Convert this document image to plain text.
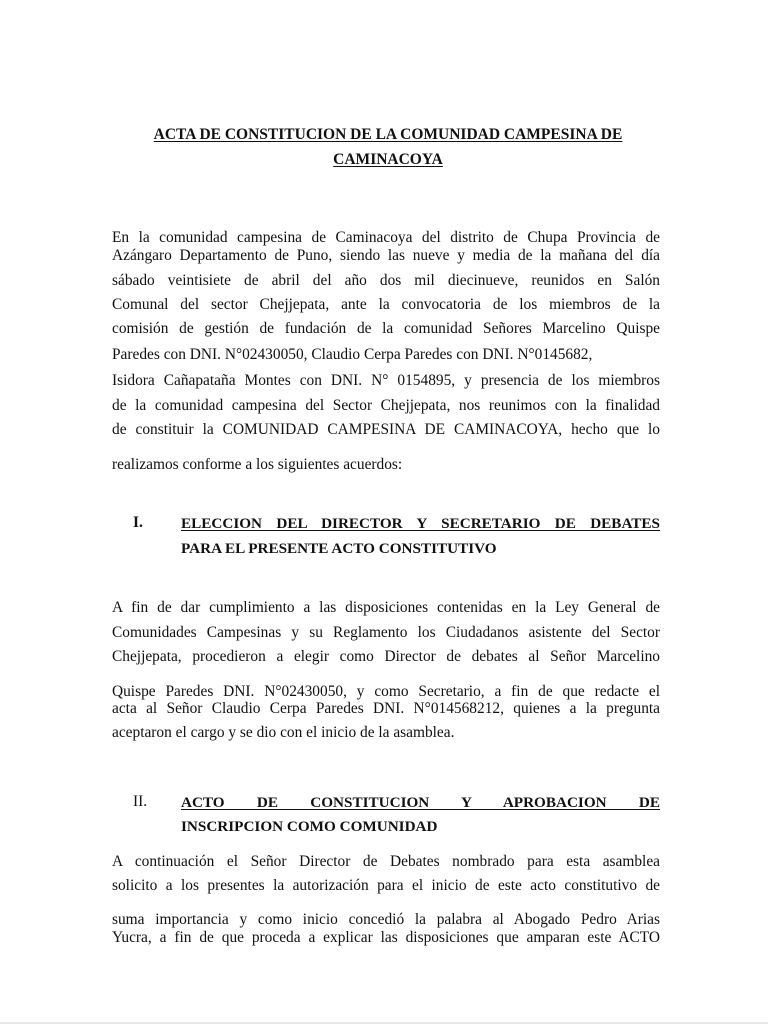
ACTA DE CONSTITUCION DE LA COMUNIDAD CAMPESINA DE
CAMINACOYA
En la comunidad campesina de Caminacoya del distrito de Chupa Provincia de
Azángaro Departamento de Puno, siendo las nueve y media de la mañana del día
sábado veintisiete de abril del año dos mil diecinueve, reunidos en Salón
Comunal del sector Chejjepata, ante la convocatoria de los miembros de la
comisión de gestión de fundación de la comunidad Señores Marcelino Quispe
Paredes con DNI. N°02430050, Claudio Cerpa Paredes con DNI. N°0145682,
Isidora Cañapataña Montes con DNI. N° 0154895, y presencia de los miembros
de la comunidad campesina del Sector Chejjepata, nos reunimos con la finalidad
de constituir la COMUNIDAD CAMPESINA DE CAMINACOYA, hecho que lo
realizamos conforme a los siguientes acuerdos:
I.	ELECCION DEL DIRECTOR Y SECRETARIO DE DEBATES
PARA EL PRESENTE ACTO CONSTITUTIVO
A fin de dar cumplimiento a las disposiciones contenidas en la Ley General de
Comunidades Campesinas y su Reglamento los Ciudadanos asistente del Sector
Chejjepata, procedieron a elegir como Director de debates al Señor Marcelino
Quispe Paredes DNI. N°02430050, y como Secretario, a fin de que redacte el
acta al Señor Claudio Cerpa Paredes DNI. N°014568212, quienes a la pregunta
aceptaron el cargo y se dio con el inicio de la asamblea.
II. ACTO DE CONSTITUCION Y APROBACION DE
INSCRIPCION COMO COMUNIDAD
A continuación el Señor Director de Debates nombrado para esta asamblea
solicito a los presentes la autorización para el inicio de este acto constitutivo de
suma importancia y como inicio concedió la palabra al Abogado Pedro Arias
Yucra, a fin de que proceda a explicar las disposiciones que amparan este ACTO
